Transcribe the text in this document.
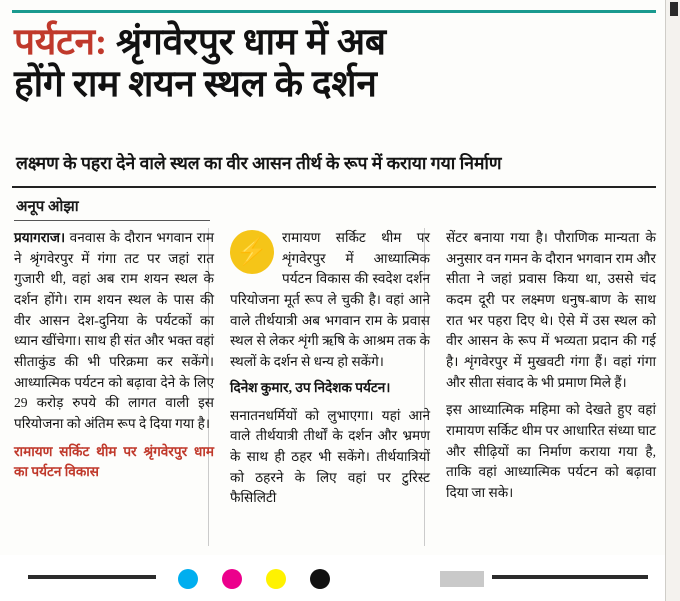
पर्यटन: श्रृंगवेरपुर धाम में अब
होंगे राम शयन स्थल के दर्शन
लक्ष्मण के पहरा देने वाले स्थल का वीर आसन तीर्थ के रूप में कराया गया निर्माण
अनूप ओझा

प्रयागराज। वनवास के दौरान भगवान राम ने श्रृंगवेरपुर में गंगा तट पर जहां रात गुजारी थी, वहां अब राम शयन स्थल के दर्शन होंगे। राम शयन स्थल के पास की वीर आसन देश-दुनिया के पर्यटकों का ध्यान खींचेगा। साथ ही संत और भक्त वहां सीताकुंड की भी परिक्रमा कर सकेंगे। आध्यात्मिक पर्यटन को बढ़ावा देने के लिए 29 करोड़ रुपये की लागत वाली इस परियोजना को अंतिम रूप दे दिया गया है।

रामायण सर्किट थीम पर श्रृंगवेरपुर धाम का पर्यटन विकास

⚡	रामायण सर्किट थीम पर शृंगवेरपुर में आध्यात्मिक पर्यटन विकास की स्वदेश दर्शन परियोजना मूर्त रूप ले चुकी है। वहां आने वाले तीर्थयात्री अब भगवान राम के प्रवास स्थल से लेकर शृंगी ऋषि के आश्रम तक के स्थलों के दर्शन से धन्य हो सकेंगे।

दिनेश कुमार, उप निदेशक पर्यटन।

सनातनधर्मियों को लुभाएगा। यहां आने वाले तीर्थयात्री तीर्थों के दर्शन और भ्रमण के साथ ही ठहर भी सकेंगे। तीर्थयात्रियों को ठहरने के लिए वहां पर टुरिस्ट फैसिलिटी

सेंटर बनाया गया है। पौराणिक मान्यता के अनुसार वन गमन के दौरान भगवान राम और सीता ने जहां प्रवास किया था, उससे चंद कदम दूरी पर लक्ष्मण धनुष-बाण के साथ रात भर पहरा दिए थे। ऐसे में उस स्थल को वीर आसन के रूप में भव्यता प्रदान की गई है। शृंगवेरपुर में मुखवटी गंगा हैं। वहां गंगा और सीता संवाद के भी प्रमाण मिले हैं।

इस आध्यात्मिक महिमा को देखते हुए वहां रामायण सर्किट थीम पर आधारित संध्या घाट और सीढ़ियों का निर्माण कराया गया है, ताकि वहां आध्यात्मिक पर्यटन को बढ़ावा दिया जा सके।
